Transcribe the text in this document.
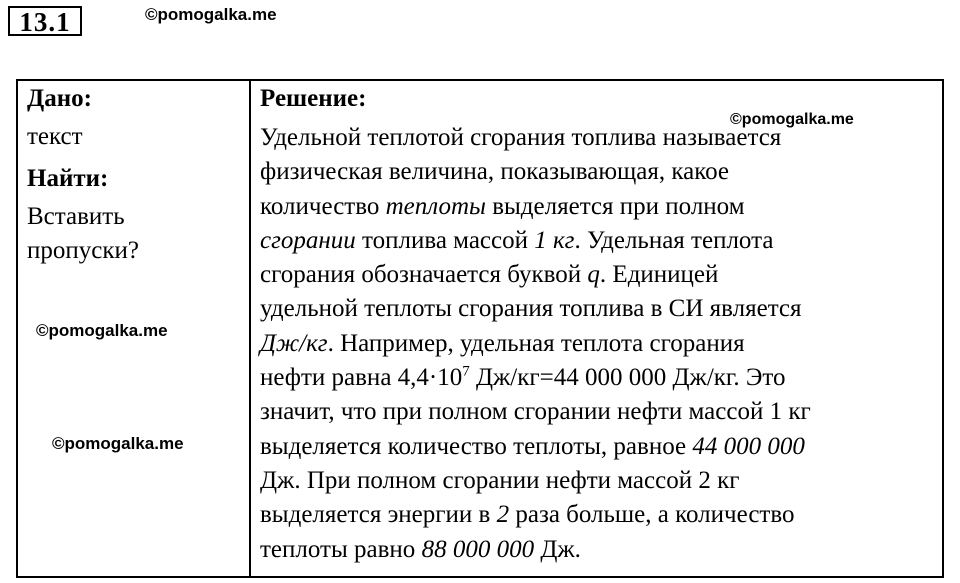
13.1	©pomogalka.me
Дано:
текст
Найти:
Вставить
пропуски?
©pomogalka.me
©pomogalka.me
Решение:
©pomogalka.me
Удельной теплотой сгорания топлива называется
физическая величина, показывающая, какое
количество теплоты выделяется при полном
сгорании топлива массой 1 кг. Удельная теплота
сгорания обозначается буквой q. Единицей
удельной теплоты сгорания топлива в СИ является
Дж/кг. Например, удельная теплота сгорания
нефти равна $4,4\cdot 10^7$ Дж/кг=44 000 000 Дж/кг. Это
значит, что при полном сгорании нефти массой 1 кг
выделяется количество теплоты, равное 44 000 000
Дж. При полном сгорании нефти массой 2 кг
выделяется энергии в 2 раза больше, а количество
теплоты равно 88 000 000 Дж.
